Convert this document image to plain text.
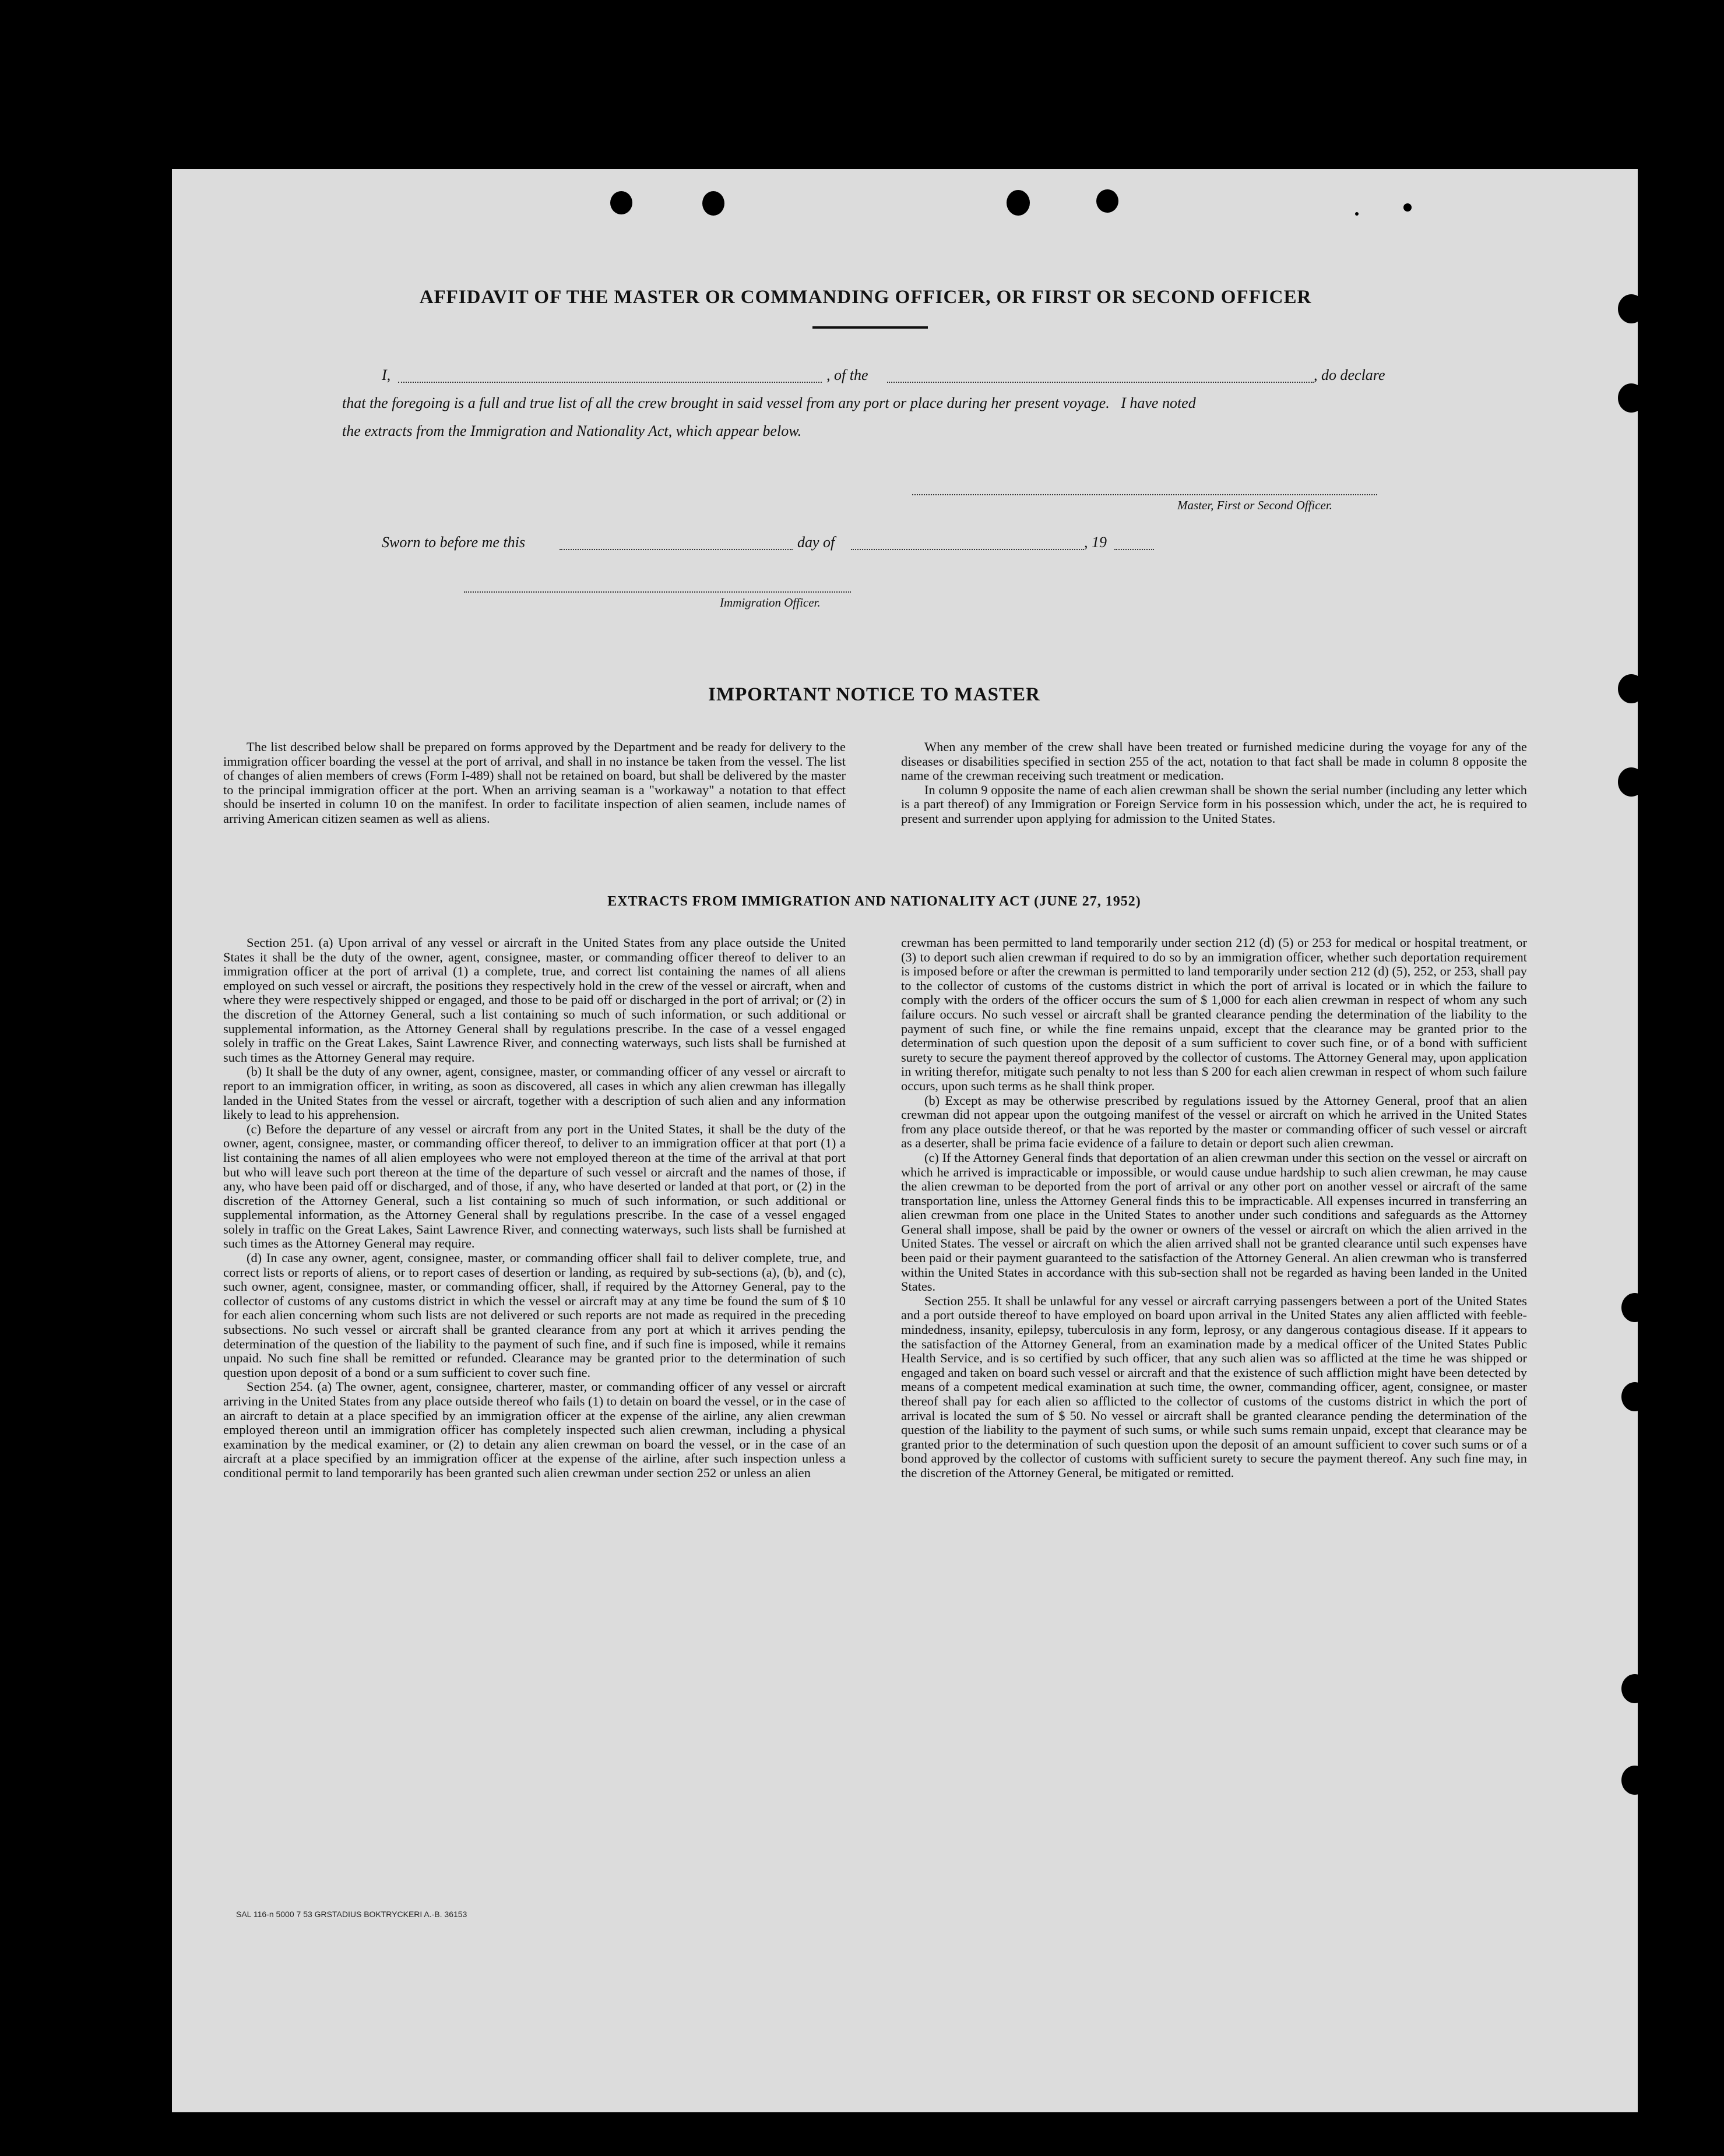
AFFIDAVIT OF THE MASTER OR COMMANDING OFFICER, OR FIRST OR SECOND OFFICER
I,	, of the	, do declare
that the foregoing is a full and true list of all the crew brought in said vessel from any port or place during her present voyage.   I have noted
the extracts from the Immigration and Nationality Act, which appear below.
Master, First or Second Officer.
Sworn to before me this	day of	, 19
Immigration Officer.
IMPORTANT NOTICE TO MASTER

The list described below shall be prepared on forms approved by the Department and be ready for delivery to the immigration officer boarding the vessel at the port of arrival, and shall in no instance be taken from the vessel. The list of changes of alien members of crews (Form I-489) shall not be retained on board, but shall be delivered by the master to the principal immigration officer at the port. When an arriving seaman is a "workaway" a notation to that effect should be inserted in column 10 on the manifest. In order to facilitate inspection of alien seamen, include names of arriving American citizen seamen as well as aliens.

When any member of the crew shall have been treated or furnished medicine during the voyage for any of the diseases or disabilities specified in section 255 of the act, notation to that fact shall be made in column 8 opposite the name of the crewman receiving such treatment or medication.

In column 9 opposite the name of each alien crewman shall be shown the serial number (including any letter which is a part thereof) of any Immigration or Foreign Service form in his possession which, under the act, he is required to present and surrender upon applying for admission to the United States.

EXTRACTS FROM IMMIGRATION AND NATIONALITY ACT (JUNE 27, 1952)

Section 251. (a) Upon arrival of any vessel or aircraft in the United States from any place outside the United States it shall be the duty of the owner, agent, consignee, master, or commanding officer thereof to deliver to an immigration officer at the port of arrival (1) a complete, true, and correct list containing the names of all aliens employed on such vessel or aircraft, the positions they respectively hold in the crew of the vessel or aircraft, when and where they were respectively shipped or engaged, and those to be paid off or discharged in the port of arrival; or (2) in the discretion of the Attorney General, such a list containing so much of such information, or such additional or supplemental information, as the Attorney General shall by regulations prescribe. In the case of a vessel engaged solely in traffic on the Great Lakes, Saint Lawrence River, and connecting waterways, such lists shall be furnished at such times as the Attorney General may require.

(b) It shall be the duty of any owner, agent, consignee, master, or commanding officer of any vessel or aircraft to report to an immigration officer, in writing, as soon as discovered, all cases in which any alien crewman has illegally landed in the United States from the vessel or aircraft, together with a description of such alien and any information likely to lead to his apprehension.

(c) Before the departure of any vessel or aircraft from any port in the United States, it shall be the duty of the owner, agent, consignee, master, or commanding officer thereof, to deliver to an immigration officer at that port (1) a list containing the names of all alien employees who were not employed thereon at the time of the arrival at that port but who will leave such port thereon at the time of the departure of such vessel or aircraft and the names of those, if any, who have been paid off or discharged, and of those, if any, who have deserted or landed at that port, or (2) in the discretion of the Attorney General, such a list containing so much of such information, or such additional or supplemental information, as the Attorney General shall by regulations prescribe. In the case of a vessel engaged solely in traffic on the Great Lakes, Saint Lawrence River, and connecting waterways, such lists shall be furnished at such times as the Attorney General may require.

(d) In case any owner, agent, consignee, master, or commanding officer shall fail to deliver complete, true, and correct lists or reports of aliens, or to report cases of desertion or landing, as required by sub-sections (a), (b), and (c), such owner, agent, consignee, master, or commanding officer, shall, if required by the Attorney General, pay to the collector of customs of any customs district in which the vessel or aircraft may at any time be found the sum of $ 10 for each alien concerning whom such lists are not delivered or such reports are not made as required in the preceding subsections. No such vessel or aircraft shall be granted clearance from any port at which it arrives pending the determination of the question of the liability to the payment of such fine, and if such fine is imposed, while it remains unpaid. No such fine shall be remitted or refunded. Clearance may be granted prior to the determination of such question upon deposit of a bond or a sum sufficient to cover such fine.

Section 254. (a) The owner, agent, consignee, charterer, master, or commanding officer of any vessel or aircraft arriving in the United States from any place outside thereof who fails (1) to detain on board the vessel, or in the case of an aircraft to detain at a place specified by an immigration officer at the expense of the airline, any alien crewman employed thereon until an immigration officer has completely inspected such alien crewman, including a physical examination by the medical examiner, or (2) to detain any alien crewman on board the vessel, or in the case of an aircraft at a place specified by an immigration officer at the expense of the airline, after such inspection unless a conditional permit to land temporarily has been granted such alien crewman under section 252 or unless an alien

crewman has been permitted to land temporarily under section 212 (d) (5) or 253 for medical or hospital treatment, or (3) to deport such alien crewman if required to do so by an immigration officer, whether such deportation requirement is imposed before or after the crewman is permitted to land temporarily under section 212 (d) (5), 252, or 253, shall pay to the collector of customs of the customs district in which the port of arrival is located or in which the failure to comply with the orders of the officer occurs the sum of $ 1,000 for each alien crewman in respect of whom any such failure occurs. No such vessel or aircraft shall be granted clearance pending the determination of the liability to the payment of such fine, or while the fine remains unpaid, except that the clearance may be granted prior to the determination of such question upon the deposit of a sum sufficient to cover such fine, or of a bond with sufficient surety to secure the payment thereof approved by the collector of customs. The Attorney General may, upon application in writing therefor, mitigate such penalty to not less than $ 200 for each alien crewman in respect of whom such failure occurs, upon such terms as he shall think proper.

(b) Except as may be otherwise prescribed by regulations issued by the Attorney General, proof that an alien crewman did not appear upon the outgoing manifest of the vessel or aircraft on which he arrived in the United States from any place outside thereof, or that he was reported by the master or commanding officer of such vessel or aircraft as a deserter, shall be prima facie evidence of a failure to detain or deport such alien crewman.

(c) If the Attorney General finds that deportation of an alien crewman under this section on the vessel or aircraft on which he arrived is impracticable or impossible, or would cause undue hardship to such alien crewman, he may cause the alien crewman to be deported from the port of arrival or any other port on another vessel or aircraft of the same transportation line, unless the Attorney General finds this to be impracticable. All expenses incurred in transferring an alien crewman from one place in the United States to another under such conditions and safeguards as the Attorney General shall impose, shall be paid by the owner or owners of the vessel or aircraft on which the alien arrived in the United States. The vessel or aircraft on which the alien arrived shall not be granted clearance until such expenses have been paid or their payment guaranteed to the satisfaction of the Attorney General. An alien crewman who is transferred within the United States in accordance with this sub-section shall not be regarded as having been landed in the United States.

Section 255. It shall be unlawful for any vessel or aircraft carrying passengers between a port of the United States and a port outside thereof to have employed on board upon arrival in the United States any alien afflicted with feeble-mindedness, insanity, epilepsy, tuberculosis in any form, leprosy, or any dangerous contagious disease. If it appears to the satisfaction of the Attorney General, from an examination made by a medical officer of the United States Public Health Service, and is so certified by such officer, that any such alien was so afflicted at the time he was shipped or engaged and taken on board such vessel or aircraft and that the existence of such affliction might have been detected by means of a competent medical examination at such time, the owner, commanding officer, agent, consignee, or master thereof shall pay for each alien so afflicted to the collector of customs of the customs district in which the port of arrival is located the sum of $ 50. No vessel or aircraft shall be granted clearance pending the determination of the question of the liability to the payment of such sums, or while such sums remain unpaid, except that clearance may be granted prior to the determination of such question upon the deposit of an amount sufficient to cover such sums or of a bond approved by the collector of customs with sufficient surety to secure the payment thereof. Any such fine may, in the discretion of the Attorney General, be mitigated or remitted.

SAL 116-n 5000 7 53 GRSTADIUS BOKTRYCKERI A.-B. 36153
